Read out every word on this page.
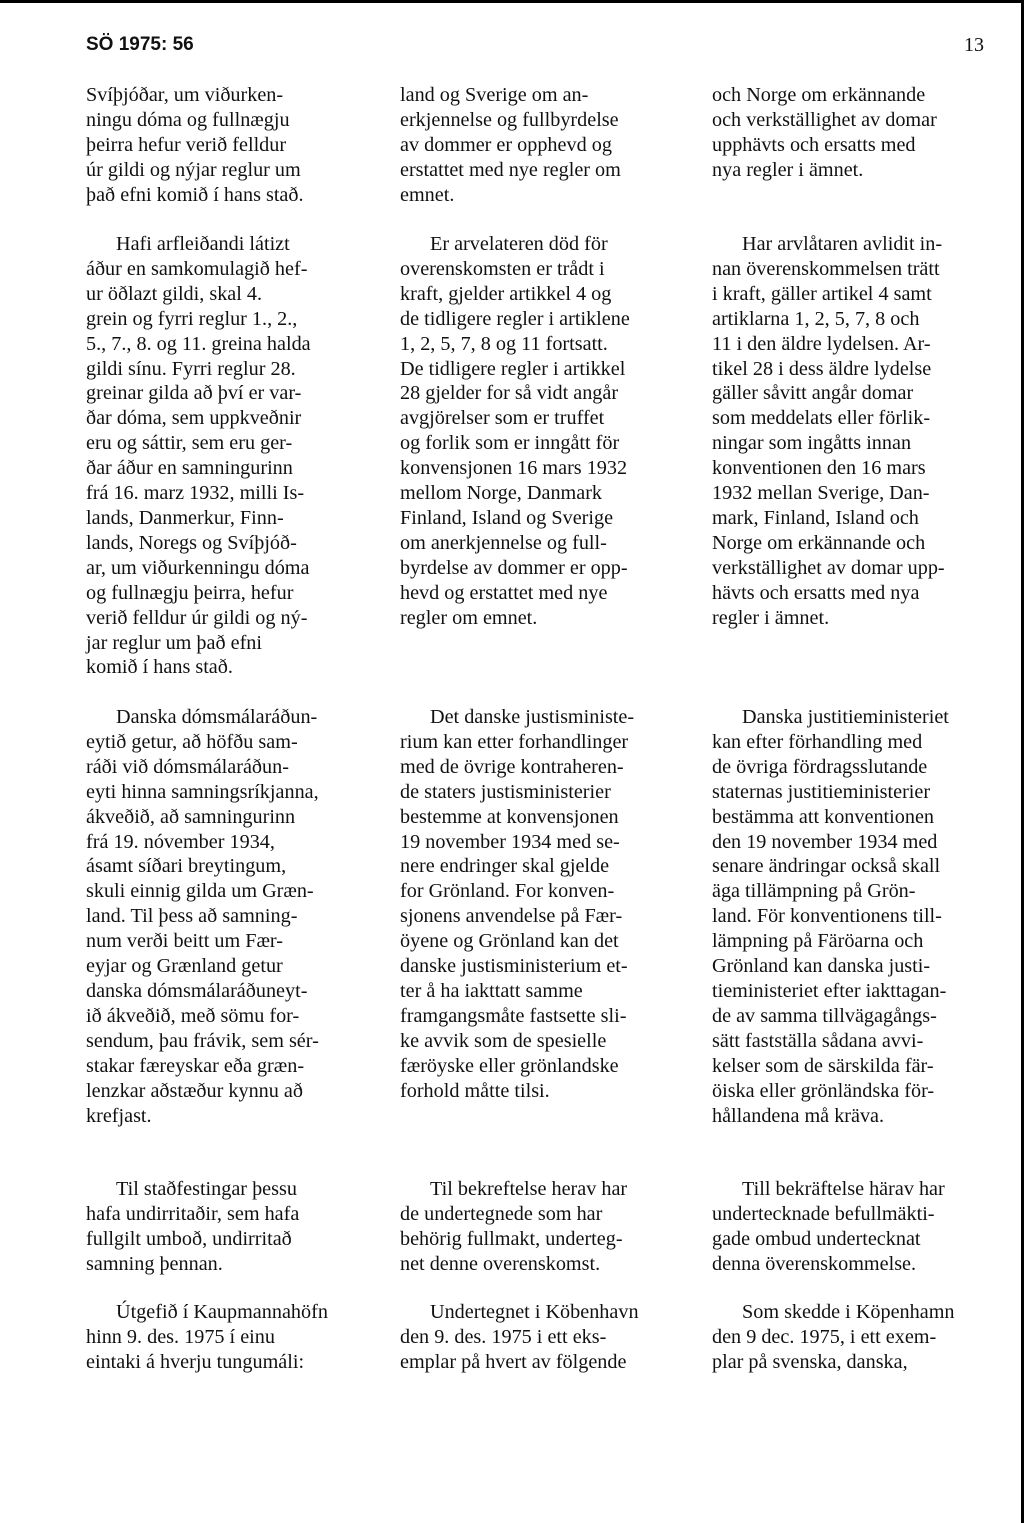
SÖ 1975: 56	13
Svíþjóðar, um viðurken-
ningu dóma og fullnægju
þeirra hefur verið felldur
úr gildi og nýjar reglur um
það efni komið í hans stað.
land og Sverige om an-
erkjennelse og fullbyrdelse
av dommer er opphevd og
erstattet med nye regler om
emnet.
och Norge om erkännande
och verkställighet av domar
upphävts och ersatts med
nya regler i ämnet.
Hafi arfleiðandi látizt
áður en samkomulagið hef-
ur öðlazt gildi, skal 4.
grein og fyrri reglur 1., 2.,
5., 7., 8. og 11. greina halda
gildi sínu. Fyrri reglur 28.
greinar gilda að því er var-
ðar dóma, sem uppkveðnir
eru og sáttir, sem eru ger-
ðar áður en samningurinn
frá 16. marz 1932, milli Is-
lands, Danmerkur, Finn-
lands, Noregs og Svíþjóð-
ar, um viðurkenningu dóma
og fullnægju þeirra, hefur
verið felldur úr gildi og ný-
jar reglur um það efni
komið í hans stað.
Er arvelateren död för
overenskomsten er trådt i
kraft, gjelder artikkel 4 og
de tidligere regler i artiklene
1, 2, 5, 7, 8 og 11 fortsatt.
De tidligere regler i artikkel
28 gjelder for så vidt angår
avgjörelser som er truffet
og forlik som er inngått för
konvensjonen 16 mars 1932
mellom Norge, Danmark
Finland, Island og Sverige
om anerkjennelse og full-
byrdelse av dommer er opp-
hevd og erstattet med nye
regler om emnet.
Har arvlåtaren avlidit in-
nan överenskommelsen trätt
i kraft, gäller artikel 4 samt
artiklarna 1, 2, 5, 7, 8 och
11 i den äldre lydelsen. Ar-
tikel 28 i dess äldre lydelse
gäller såvitt angår domar
som meddelats eller förlik-
ningar som ingåtts innan
konventionen den 16 mars
1932 mellan Sverige, Dan-
mark, Finland, Island och
Norge om erkännande och
verkställighet av domar upp-
hävts och ersatts med nya
regler i ämnet.
Danska dómsmálaráðun-
eytið getur, að höfðu sam-
ráði við dómsmálaráðun-
eyti hinna samningsríkjanna,
ákveðið, að samningurinn
frá 19. nóvember 1934,
ásamt síðari breytingum,
skuli einnig gilda um Græn-
land. Til þess að samning-
num verði beitt um Fær-
eyjar og Grænland getur
danska dómsmálaráðuneyt-
ið ákveðið, með sömu for-
sendum, þau frávik, sem sér-
stakar færeyskar eða græn-
lenzkar aðstæður kynnu að
krefjast.
Det danske justisministe-
rium kan etter forhandlinger
med de övrige kontraheren-
de staters justisministerier
bestemme at konvensjonen
19 november 1934 med se-
nere endringer skal gjelde
for Grönland. For konven-
sjonens anvendelse på Fær-
öyene og Grönland kan det
danske justisministerium et-
ter å ha iakttatt samme
framgangsmåte fastsette sli-
ke avvik som de spesielle
færöyske eller grönlandske
forhold måtte tilsi.
Danska justitieministeriet
kan efter förhandling med
de övriga fördragsslutande
staternas justitieministerier
bestämma att konventionen
den 19 november 1934 med
senare ändringar också skall
äga tillämpning på Grön-
land. För konventionens till-
lämpning på Färöarna och
Grönland kan danska justi-
tieministeriet efter iakttagan-
de av samma tillvägagångs-
sätt fastställa sådana avvi-
kelser som de särskilda fär-
öiska eller grönländska för-
hållandena må kräva.
Til staðfestingar þessu
hafa undirritaðir, sem hafa
fullgilt umboð, undirritað
samning þennan.
Til bekreftelse herav har
de undertegnede som har
behörig fullmakt, underteg-
net denne overenskomst.
Till bekräftelse härav har
undertecknade befullmäkti-
gade ombud undertecknat
denna överenskommelse.
Útgefið í Kaupmannahöfn
hinn 9. des. 1975 í einu
eintaki á hverju tungumáli:
Undertegnet i Köbenhavn
den 9. des. 1975 i ett eks-
emplar på hvert av fölgende
Som skedde i Köpenhamn
den 9 dec. 1975, i ett exem-
plar på svenska, danska,
